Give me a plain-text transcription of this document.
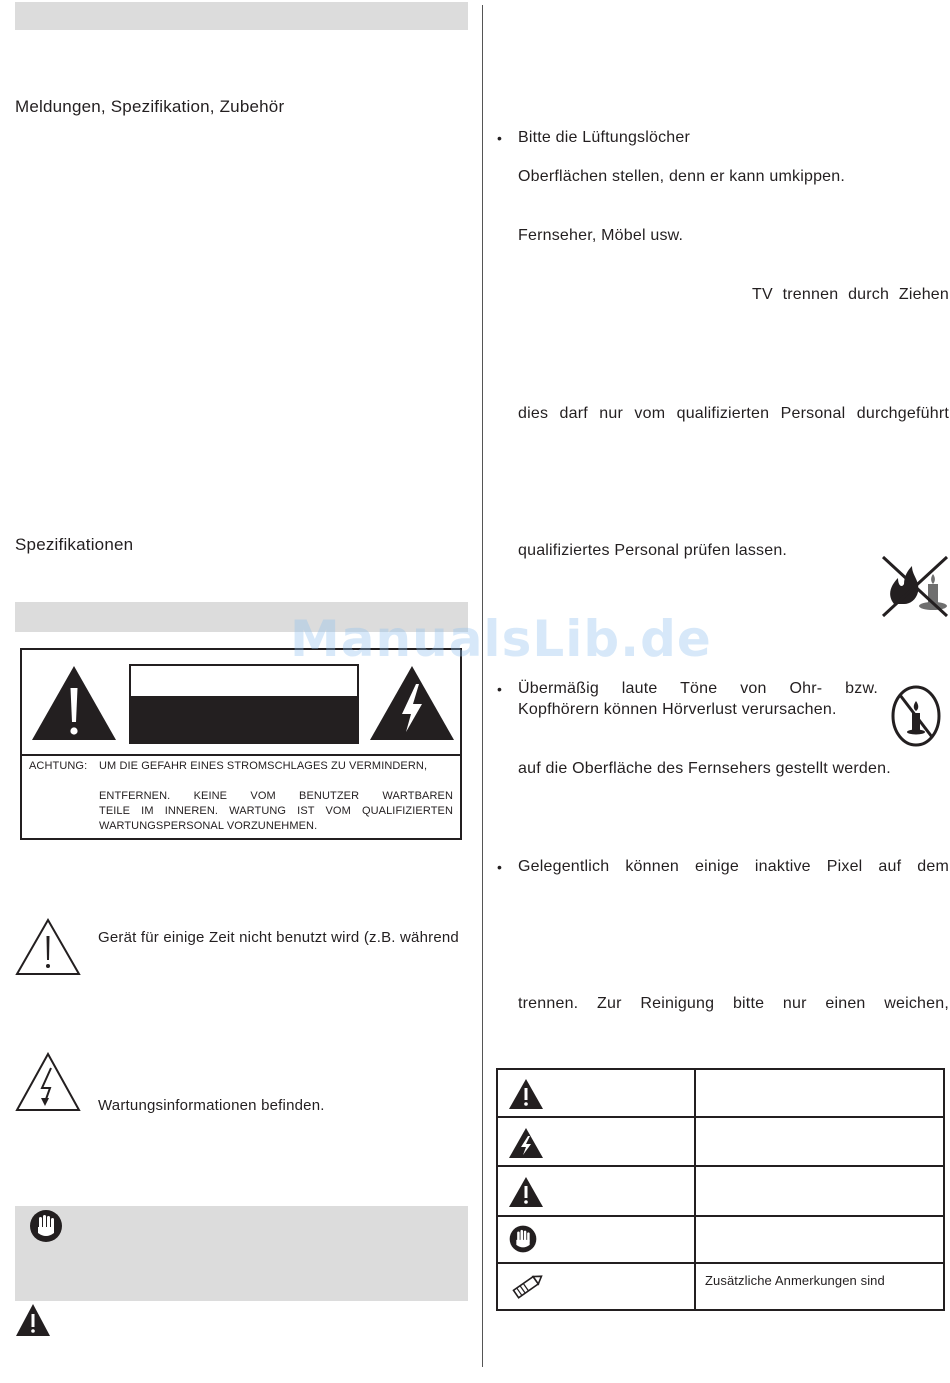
Meldungen, Spezifikation, Zubehör
Spezifikationen
ACHTUNG: UM DIE GEFAHR EINES STROMSCHLAGES ZU VERMINDERN,
ENTFERNEN. KEINE VOM BENUTZER WARTBAREN
TEILE IM INNEREN. WARTUNG IST VOM QUALIFIZIERTEN
WARTUNGSPERSONAL VORZUNEHMEN.
Gerät für einige Zeit nicht benutzt wird (z.B. während
Wartungsinformationen befinden.
• Bitte die Lüftungslöcher
Oberflächen stellen, denn er kann umkippen.
Fernseher, Möbel usw.
TV trennen durch Ziehen
dies darf nur vom qualifizierten Personal durchgeführt
qualifiziertes Personal prüfen lassen.
• Übermäßig laute Töne von Ohr- bzw.
Kopfhörern können Hörverlust verursachen.
auf die Oberfläche des Fernsehers gestellt werden.
• Gelegentlich können einige inaktive Pixel auf dem
trennen. Zur Reinigung bitte nur einen weichen,
Zusätzliche Anmerkungen sind
ManualsLib.de
